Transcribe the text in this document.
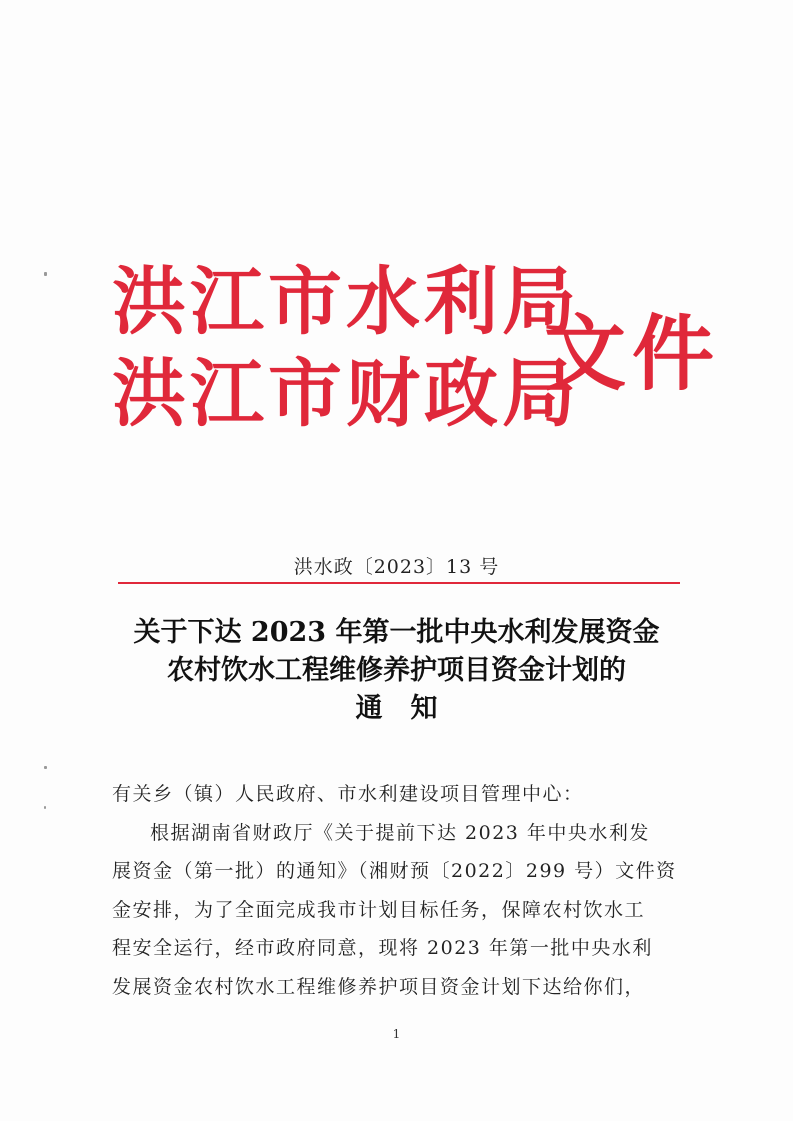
洪江市水利局
洪江市财政局
文件
洪水政〔2023〕13 号
关于下达 2023 年第一批中央水利发展资金
农村饮水工程维修养护项目资金计划的
通知
有关乡（镇）人民政府、市水利建设项目管理中心：
根据湖南省财政厅《关于提前下达 2023 年中央水利发
展资金（第一批）的通知》（湘财预〔2022〕299 号）文件资
金安排，为了全面完成我市计划目标任务，保障农村饮水工
程安全运行，经市政府同意，现将 2023 年第一批中央水利
发展资金农村饮水工程维修养护项目资金计划下达给你们，
1
